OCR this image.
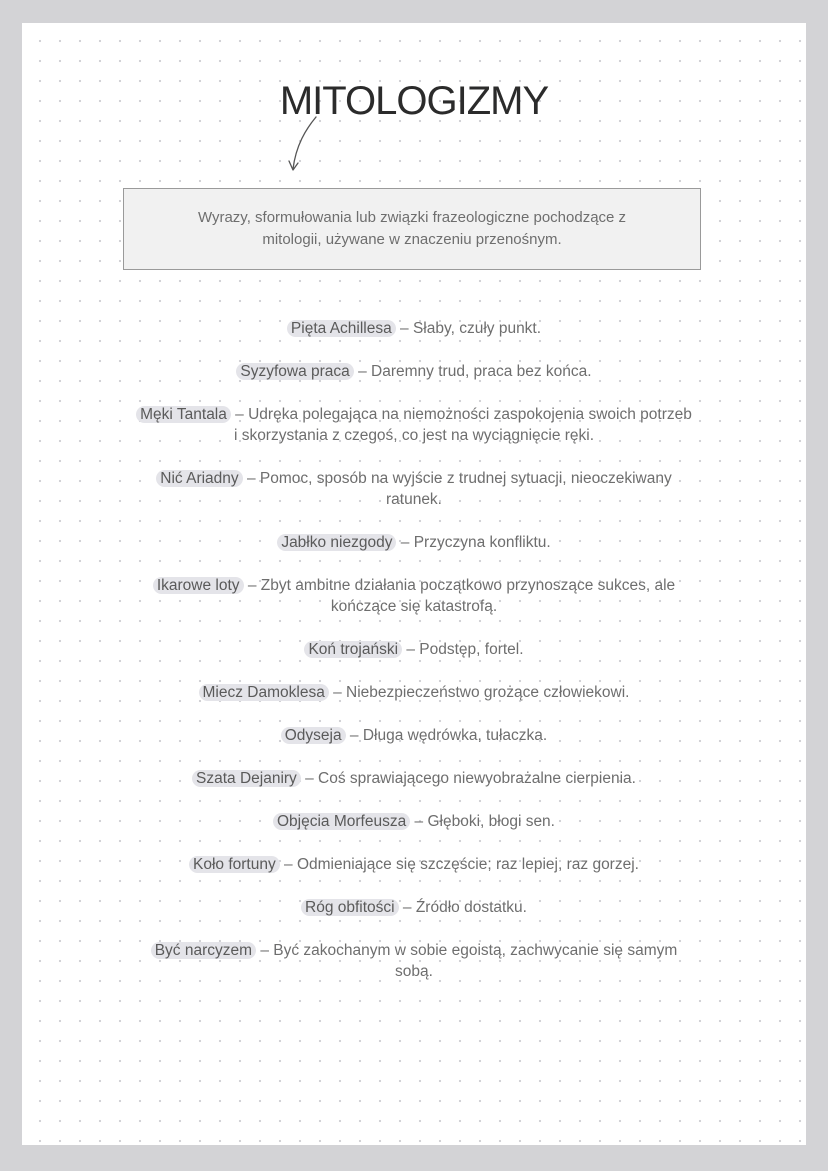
MITOLOGIZMY
Wyrazy, sformułowania lub związki frazeologiczne pochodzące z mitologii, używane w znaczeniu przenośnym.
Pięta Achillesa – Słaby, czuły punkt.
Syzyfowa praca – Daremny trud, praca bez końca.
Męki Tantala – Udręka polegająca na niemożności zaspokojenia swoich potrzeb i skorzystania z czegoś, co jest na wyciągnięcie ręki.
Nić Ariadny – Pomoc, sposób na wyjście z trudnej sytuacji, nieoczekiwany ratunek.
Jabłko niezgody – Przyczyna konfliktu.
Ikarowe loty – Zbyt ambitne działania początkowo przynoszące sukces, ale kończące się katastrofą.
Koń trojański – Podstęp, fortel.
Miecz Damoklesa – Niebezpieczeństwo grożące człowiekowi.
Odyseja – Długa wędrówka, tułaczka.
Szata Dejaniry – Coś sprawiającego niewyobrażalne cierpienia.
Objęcia Morfeusza – Głęboki, błogi sen.
Koło fortuny – Odmieniające się szczęście; raz lepiej, raz gorzej.
Róg obfitości – Źródło dostatku.
Być narcyzem – Być zakochanym w sobie egoistą, zachwycanie się samym sobą.
